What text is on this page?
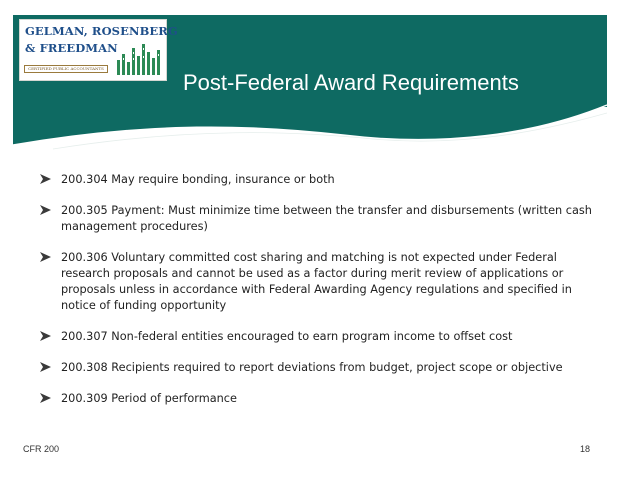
GELMAN, ROSENBERG
& FREEDMAN
CERTIFIED PUBLIC ACCOUNTANTS
Post-Federal Award Requirements
200.304 May require bonding, insurance or both
200.305 Payment: Must minimize time between the transfer and disbursements (written cash management procedures)
200.306 Voluntary committed cost sharing and matching is not expected under Federal research proposals and cannot be used as a factor during merit review of applications or proposals unless in accordance with Federal Awarding Agency regulations and specified in notice of funding opportunity
200.307 Non-federal entities encouraged to earn program income to offset cost
200.308 Recipients required to report deviations from budget, project scope or objective
200.309 Period of performance
CFR 200	18
